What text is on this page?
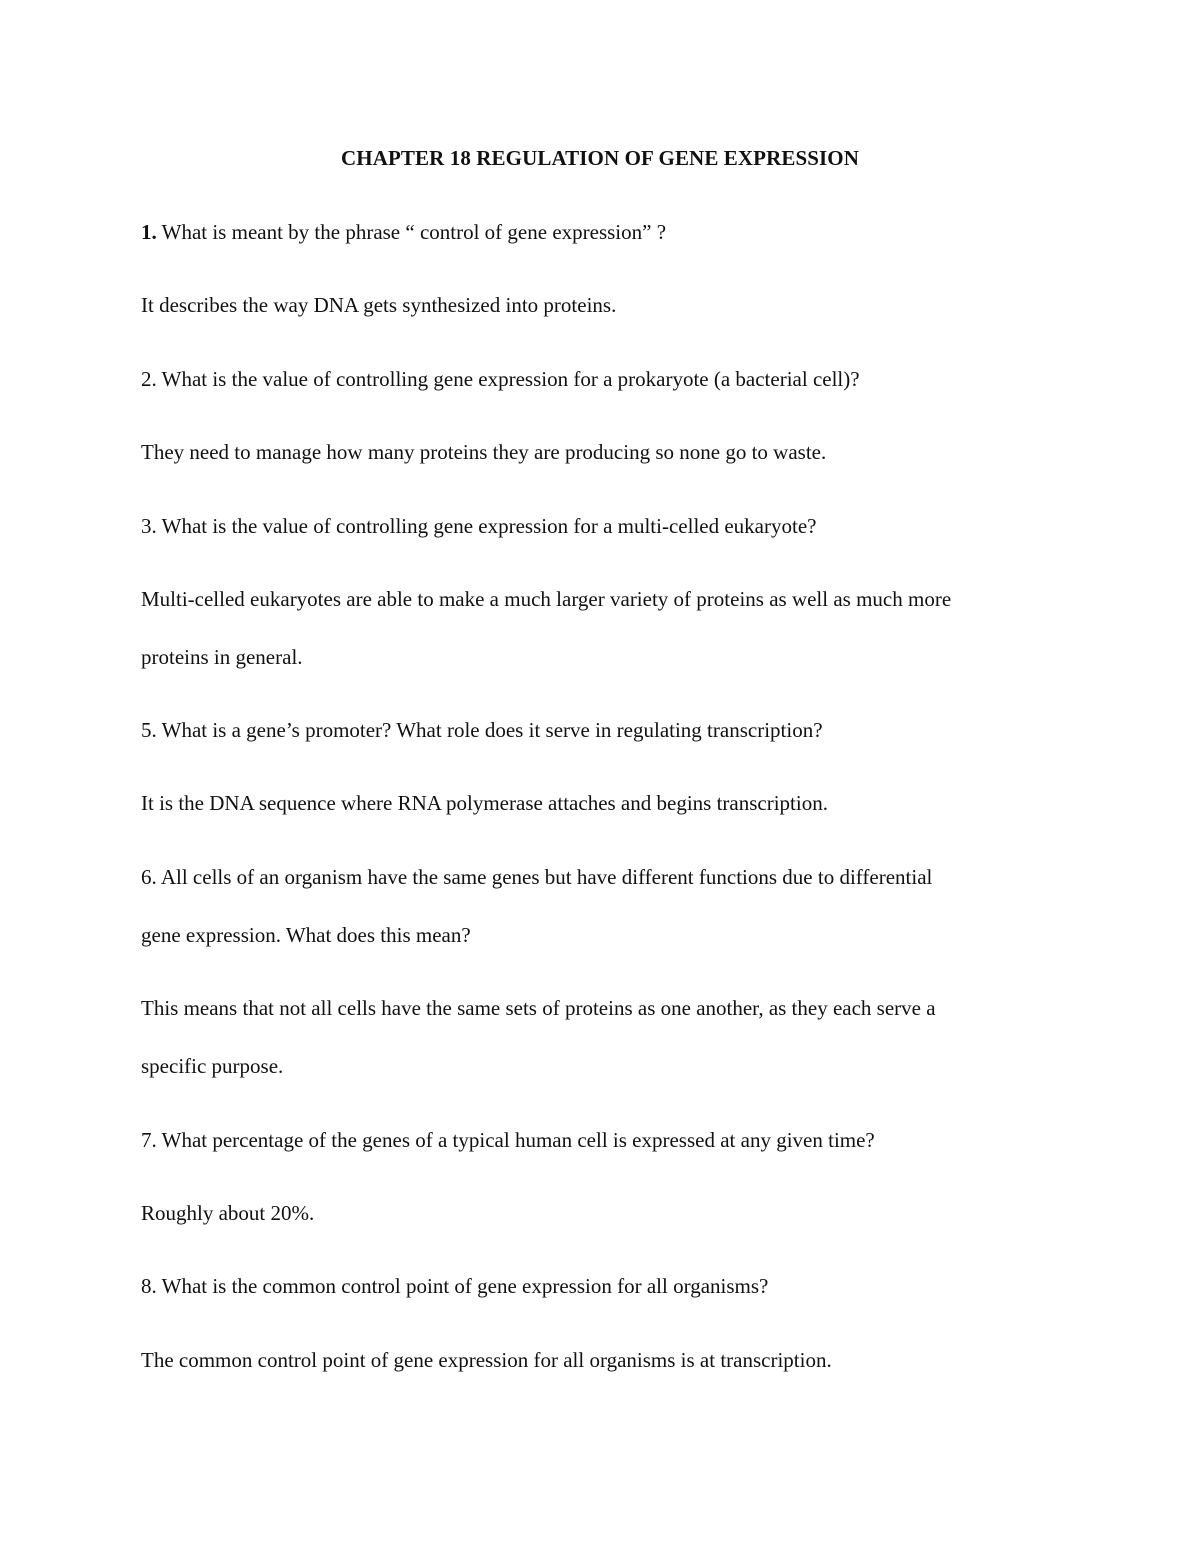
CHAPTER 18 REGULATION OF GENE EXPRESSION
1. What is meant by the phrase “ control of gene expression” ?
It describes the way DNA gets synthesized into proteins.
2. What is the value of controlling gene expression for a prokaryote (a bacterial cell)?
They need to manage how many proteins they are producing so none go to waste.
3. What is the value of controlling gene expression for a multi-celled eukaryote?
Multi-celled eukaryotes are able to make a much larger variety of proteins as well as much more
proteins in general.
5. What is a gene’s promoter? What role does it serve in regulating transcription?
It is the DNA sequence where RNA polymerase attaches and begins transcription.
6. All cells of an organism have the same genes but have different functions due to differential
gene expression. What does this mean?
This means that not all cells have the same sets of proteins as one another, as they each serve a
specific purpose.
7. What percentage of the genes of a typical human cell is expressed at any given time?
Roughly about 20%.
8. What is the common control point of gene expression for all organisms?
The common control point of gene expression for all organisms is at transcription.
